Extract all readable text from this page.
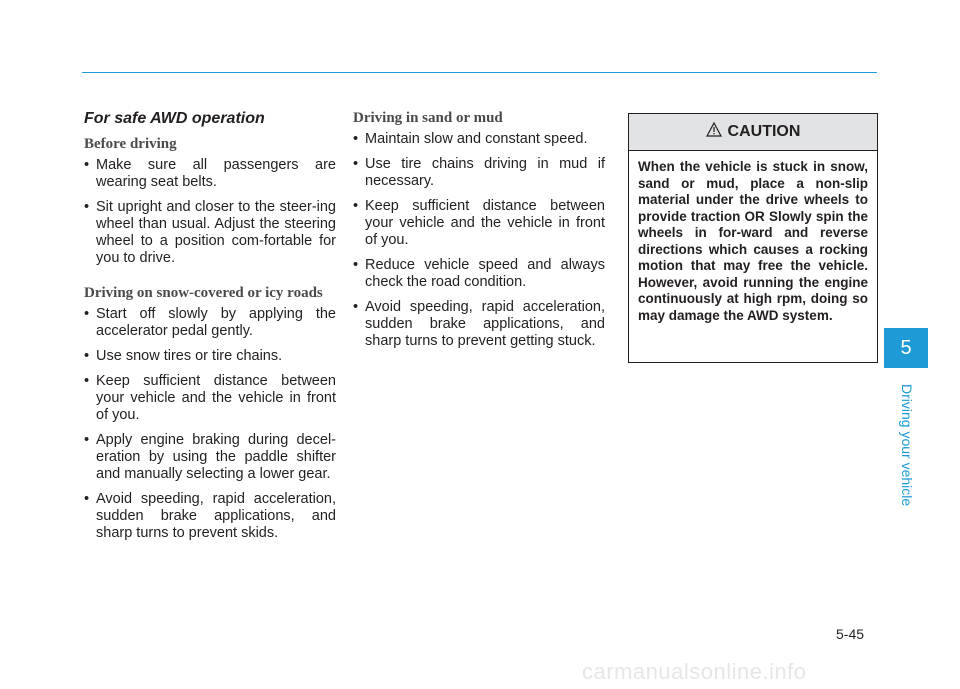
For safe AWD operation
Before driving
• Make sure all passengers are wearing seat belts.
• Sit upright and closer to the steer-ing wheel than usual. Adjust the steering wheel to a position com-fortable for you to drive.
Driving on snow-covered or icy roads
• Start off slowly by applying the accelerator pedal gently.
• Use snow tires or tire chains.
• Keep sufficient distance between your vehicle and the vehicle in front of you.
• Apply engine braking during decel-eration by using the paddle shifter and manually selecting a lower gear.
• Avoid speeding, rapid acceleration, sudden brake applications, and sharp turns to prevent skids.
Driving in sand or mud
• Maintain slow and constant speed.
• Use tire chains driving in mud if necessary.
• Keep sufficient distance between your vehicle and the vehicle in front of you.
• Reduce vehicle speed and always check the road condition.
• Avoid speeding, rapid acceleration, sudden brake applications, and sharp turns to prevent getting stuck.
CAUTION
When the vehicle is stuck in snow, sand or mud, place a non-slip material under the drive wheels to provide traction OR Slowly spin the wheels in for-ward and reverse directions which causes a rocking motion that may free the vehicle. However, avoid running the engine continuously at high rpm, doing so may damage the AWD system.
5
Driving your vehicle
5-45
carmanualsonline.info
